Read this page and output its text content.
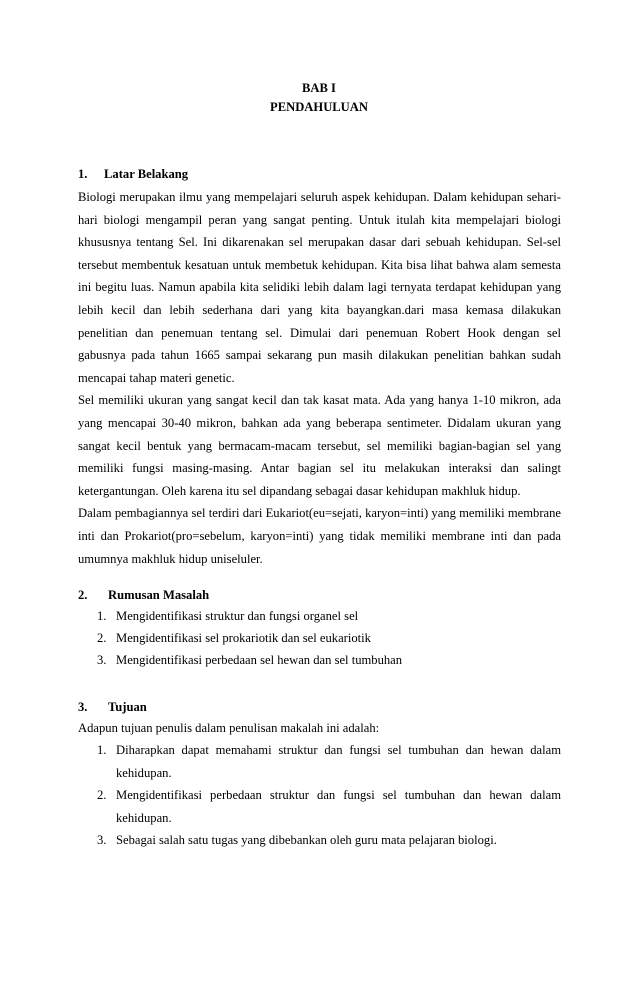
BAB I
PENDAHULUAN
1. Latar Belakang

Biologi merupakan ilmu yang mempelajari seluruh aspek kehidupan. Dalam kehidupan sehari-hari biologi mengampil peran yang sangat penting. Untuk itulah kita mempelajari biologi khususnya tentang Sel. Ini dikarenakan sel merupakan dasar dari sebuah kehidupan. Sel-sel tersebut membentuk kesatuan untuk membetuk kehidupan. Kita bisa lihat bahwa alam semesta ini begitu luas. Namun apabila kita selidiki lebih dalam lagi ternyata terdapat kehidupan yang lebih kecil dan lebih sederhana dari yang kita bayangkan.dari masa kemasa dilakukan penelitian dan penemuan tentang sel. Dimulai dari penemuan Robert Hook dengan sel gabusnya pada tahun 1665 sampai sekarang pun masih dilakukan penelitian bahkan sudah mencapai tahap materi genetic.

Sel memiliki ukuran yang sangat kecil dan tak kasat mata. Ada yang hanya 1-10 mikron, ada yang mencapai 30-40 mikron, bahkan ada yang beberapa sentimeter. Didalam ukuran yang sangat kecil bentuk yang bermacam-macam tersebut, sel memiliki bagian-bagian sel yang memiliki fungsi masing-masing. Antar bagian sel itu melakukan interaksi dan salingt ketergantungan. Oleh karena itu sel dipandang sebagai dasar kehidupan makhluk hidup.

Dalam pembagiannya sel terdiri dari Eukariot(eu=sejati, karyon=inti) yang memiliki membrane inti dan Prokariot(pro=sebelum, karyon=inti) yang tidak memiliki membrane inti dan pada umumnya makhluk hidup uniseluler.

2. Rumusan Masalah
1. Mengidentifikasi struktur dan fungsi organel sel
2. Mengidentifikasi sel prokariotik dan sel eukariotik
3. Mengidentifikasi perbedaan sel hewan dan sel tumbuhan
3. Tujuan

Adapun tujuan penulis dalam penulisan makalah ini adalah:

1. Diharapkan dapat memahami struktur dan fungsi sel tumbuhan dan hewan dalam kehidupan.
2. Mengidentifikasi perbedaan struktur dan fungsi sel tumbuhan dan hewan dalam kehidupan.
3. Sebagai salah satu tugas yang dibebankan oleh guru mata pelajaran biologi.
